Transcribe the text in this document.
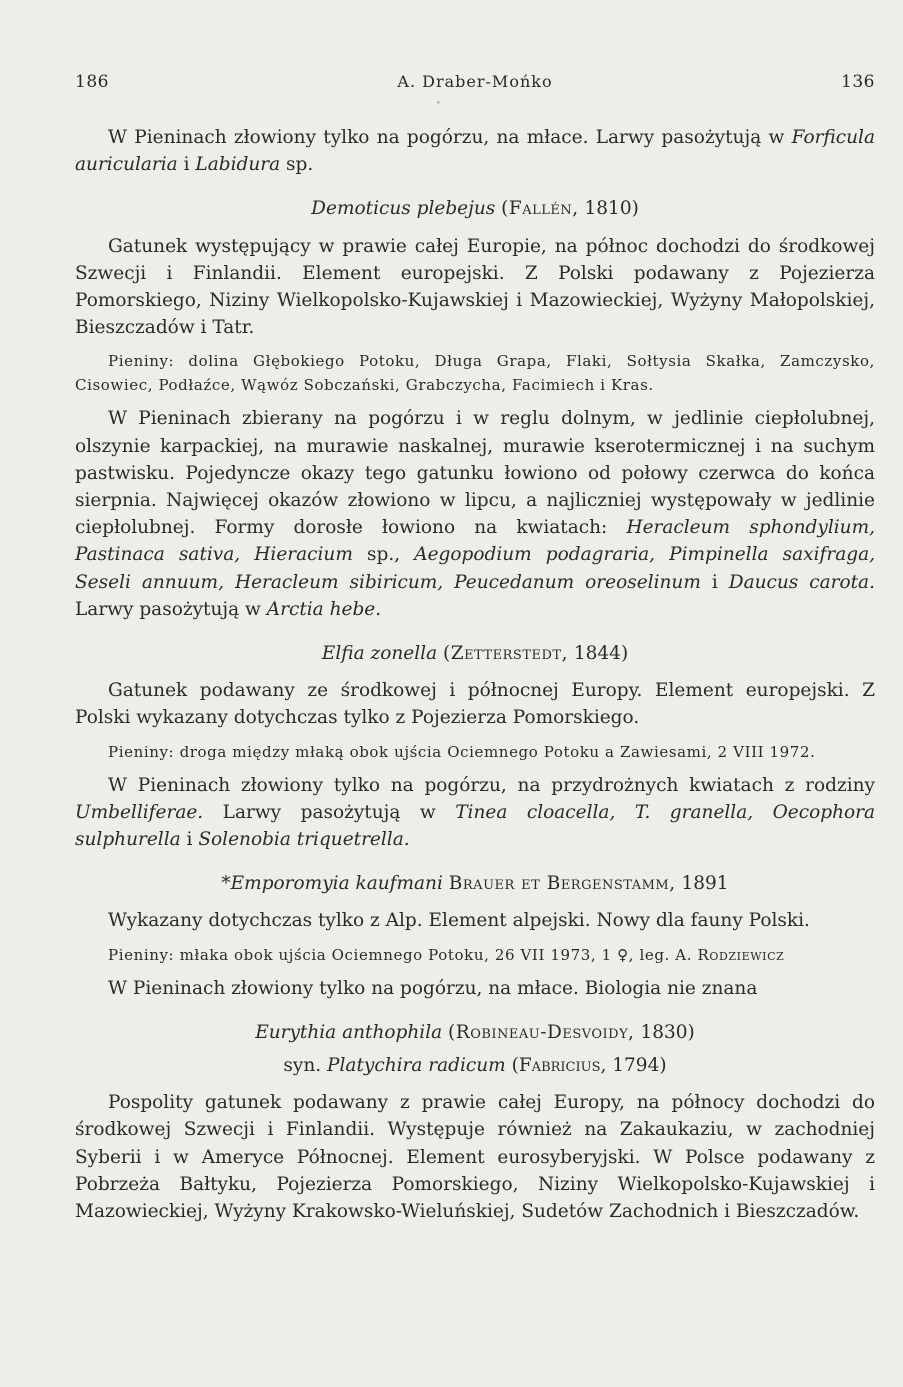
˅
186	A. Draber-Mońko	136

W Pieninach złowiony tylko na pogórzu, na młace. Larwy pasożytują w Forficula auricularia i Labidura sp.

Demoticus plebejus (Fallén, 1810)

Gatunek występujący w prawie całej Europie, na północ dochodzi do środkowej Szwecji i Finlandii. Element europejski. Z Polski podawany z Pojezierza Pomorskiego, Niziny Wielkopolsko-Kujawskiej i Mazowieckiej, Wyżyny Małopolskiej, Bieszczadów i Tatr.

Pieniny: dolina Głębokiego Potoku, Długa Grapa, Flaki, Sołtysia Skałka, Zamczysko, Cisowiec, Podłaźce, Wąwóz Sobczański, Grabczycha, Facimiech i Kras.

W Pieninach zbierany na pogórzu i w reglu dolnym, w jedlinie ciepłolubnej, olszynie karpackiej, na murawie naskalnej, murawie kserotermicznej i na suchym pastwisku. Pojedyncze okazy tego gatunku łowiono od połowy czerwca do końca sierpnia. Najwięcej okazów złowiono w lipcu, a najliczniej występowały w jedlinie ciepłolubnej. Formy dorosłe łowiono na kwiatach: Heracleum sphondylium, Pastinaca sativa, Hieracium sp., Aegopodium podagraria, Pimpinella saxifraga, Seseli annuum, Heracleum sibiricum, Peucedanum oreoselinum i Daucus carota. Larwy pasożytują w Arctia hebe.

Elfia zonella (Zetterstedt, 1844)

Gatunek podawany ze środkowej i północnej Europy. Element europejski. Z Polski wykazany dotychczas tylko z Pojezierza Pomorskiego.

Pieniny: droga między młaką obok ujścia Ociemnego Potoku a Zawiesami, 2 VIII 1972.

W Pieninach złowiony tylko na pogórzu, na przydrożnych kwiatach z rodziny Umbelliferae. Larwy pasożytują w Tinea cloacella, T. granella, Oecophora sulphurella i Solenobia triquetrella.

*Emporomyia kaufmani Brauer et Bergenstamm, 1891

Wykazany dotychczas tylko z Alp. Element alpejski. Nowy dla fauny Polski.

Pieniny: młaka obok ujścia Ociemnego Potoku, 26 VII 1973, 1 ♀, leg. A. Rodziewicz

W Pieninach złowiony tylko na pogórzu, na młace. Biologia nie znana

Eurythia anthophila (Robineau-Desvoidy, 1830)
syn. Platychira radicum (Fabricius, 1794)

Pospolity gatunek podawany z prawie całej Europy, na północy dochodzi do środkowej Szwecji i Finlandii. Występuje również na Zakaukaziu, w zachodniej Syberii i w Ameryce Północnej. Element eurosyberyjski. W Polsce podawany z Pobrzeża Bałtyku, Pojezierza Pomorskiego, Niziny Wielkopolsko-Kujawskiej i Mazowieckiej, Wyżyny Krakowsko-Wieluńskiej, Sudetów Zachodnich i Bieszczadów.
